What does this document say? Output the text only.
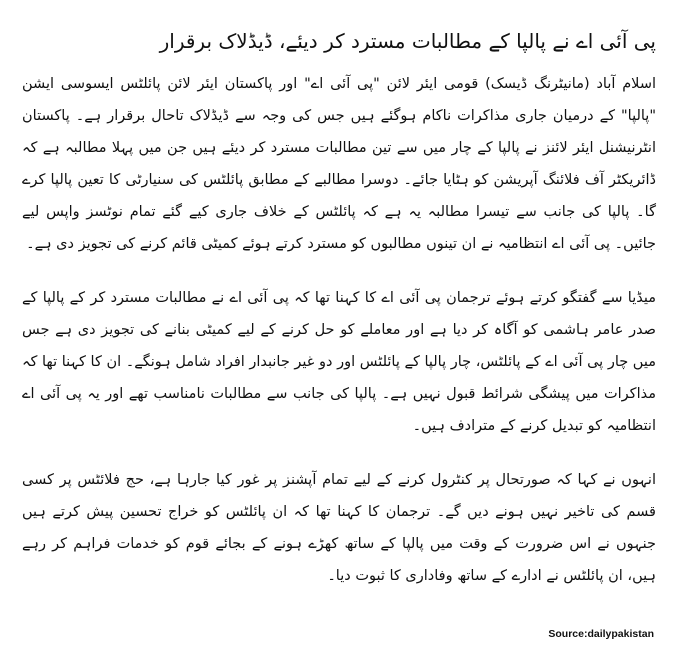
پی آئی اے نے پالپا کے مطالبات مسترد کر دیئے، ڈیڈلاک برقرار

اسلام آباد (مانیٹرنگ ڈیسک) قومی ایئر لائن "پی آئی اے" اور پاکستان ایئر لائن پائلٹس ایسوسی ایشن "پالپا" کے درمیان جاری مذاکرات ناکام ہوگئے ہیں جس کی وجہ سے ڈیڈلاک تاحال برقرار ہے۔ پاکستان انٹرنیشنل ایئر لائنز نے پالپا کے چار میں سے تین مطالبات مسترد کر دیئے ہیں جن میں پہلا مطالبہ ہے کہ ڈائریکٹر آف فلائنگ آپریشن کو ہٹایا جائے۔ دوسرا مطالبے کے مطابق پائلٹس کی سنیارٹی کا تعین پالپا کرے گا۔ پالپا کی جانب سے تیسرا مطالبہ یہ ہے کہ پائلٹس کے خلاف جاری کیے گئے تمام نوٹسز واپس لیے جائیں۔ پی آئی اے انتظامیہ نے ان تینوں مطالبوں کو مسترد کرتے ہوئے کمیٹی قائم کرنے کی تجویز دی ہے۔

میڈیا سے گفتگو کرتے ہوئے ترجمان پی آئی اے کا کہنا تھا کہ پی آئی اے نے مطالبات مسترد کر کے پالپا کے صدر عامر ہاشمی کو آگاہ کر دیا ہے اور معاملے کو حل کرنے کے لیے کمیٹی بنانے کی تجویز دی ہے جس میں چار پی آئی اے کے پائلٹس، چار پالپا کے پائلٹس اور دو غیر جانبدار افراد شامل ہونگے۔ ان کا کہنا تھا کہ مذاکرات میں پیشگی شرائط قبول نہیں ہے۔ پالپا کی جانب سے مطالبات نامناسب تھے اور یہ پی آئی اے انتظامیہ کو تبدیل کرنے کے مترادف ہیں۔

انہوں نے کہا کہ صورتحال پر کنٹرول کرنے کے لیے تمام آپشنز پر غور کیا جارہا ہے، حج فلائٹس پر کسی قسم کی تاخیر نہیں ہونے دیں گے۔ ترجمان کا کہنا تھا کہ ان پائلٹس کو خراج تحسین پیش کرتے ہیں جنہوں نے اس ضرورت کے وقت میں پالپا کے ساتھ کھڑے ہونے کے بجائے قوم کو خدمات فراہم کر رہے ہیں، ان پائلٹس نے ادارے کے ساتھ وفاداری کا ثبوت دیا۔

Source:dailypakistan
